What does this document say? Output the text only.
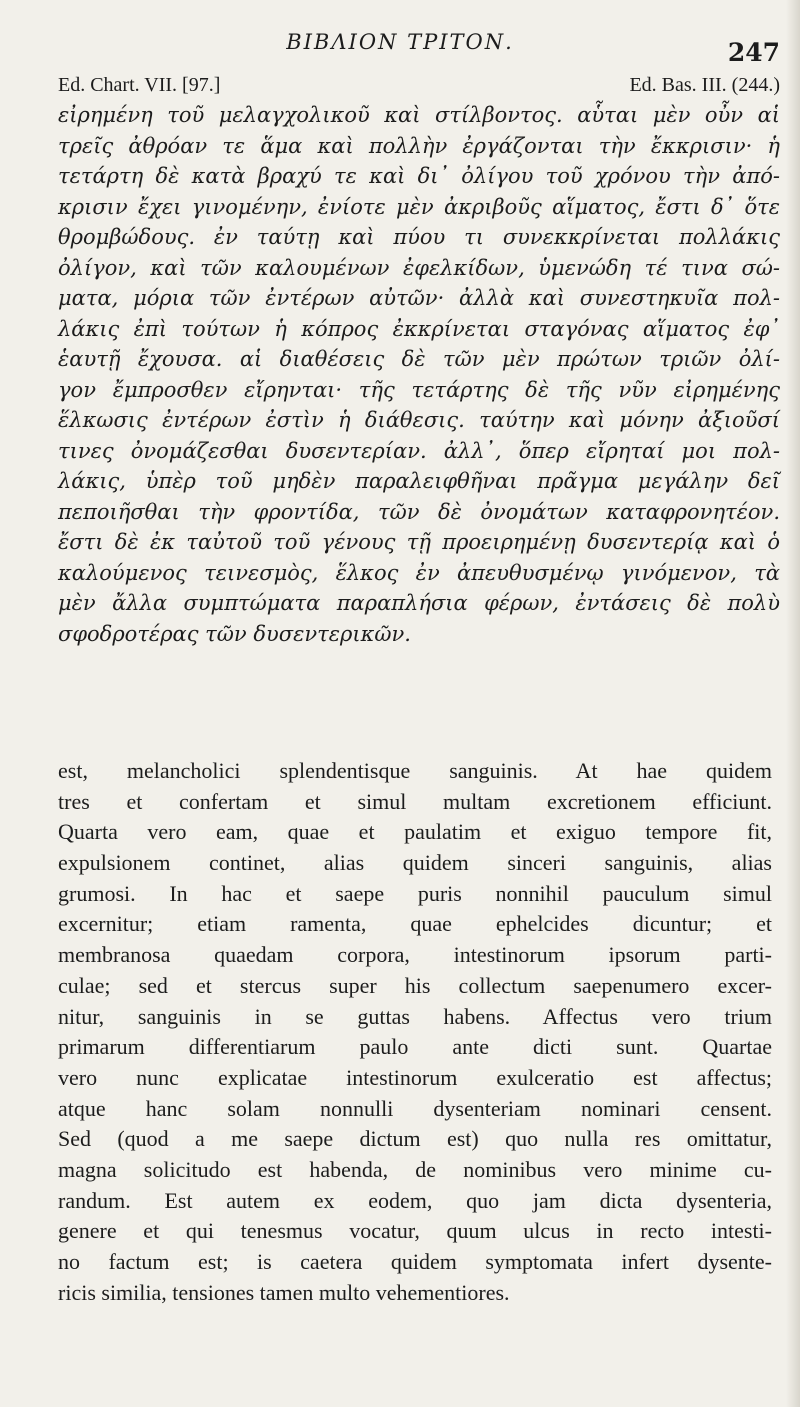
ΒΙΒΛΙΟΝ ΤΡΙΤΟΝ.	247
Ed. Chart. VII. [97.]	Ed. Bas. III. (244.)
εἰρημένη τοῦ μελαγχολικοῦ καὶ στίλβοντος. αὗται μὲν οὖν αἱ
τρεῖς ἀθρόαν τε ἅμα καὶ πολλὴν ἐργάζονται τὴν ἔκκρισιν· ἡ
τετάρτη δὲ κατὰ βραχύ τε καὶ δι᾽ ὀλίγου τοῦ χρόνου τὴν ἀπό-
κρισιν ἔχει γινομένην, ἐνίοτε μὲν ἀκριβοῦς αἵματος, ἔστι δ᾽ ὅτε
θρομβώδους. ἐν ταύτῃ καὶ πύου τι συνεκκρίνεται πολλάκις
ὀλίγον, καὶ τῶν καλουμένων ἐφελκίδων, ὑμενώδη τέ τινα σώ-
ματα, μόρια τῶν ἐντέρων αὐτῶν· ἀλλὰ καὶ συνεστηκυῖα πολ-
λάκις ἐπὶ τούτων ἡ κόπρος ἐκκρίνεται σταγόνας αἵματος ἐφ᾽
ἑαυτῇ ἔχουσα. αἱ διαθέσεις δὲ τῶν μὲν πρώτων τριῶν ὀλί-
γον ἔμπροσθεν εἴρηνται· τῆς τετάρτης δὲ τῆς νῦν εἰρημένης
ἕλκωσις ἐντέρων ἐστὶν ἡ διάθεσις. ταύτην καὶ μόνην ἀξιοῦσί
τινες ὀνομάζεσθαι δυσεντερίαν. ἀλλ᾽, ὅπερ εἴρηταί μοι πολ-
λάκις, ὑπὲρ τοῦ μηδὲν παραλειφθῆναι πρᾶγμα μεγάλην δεῖ
πεποιῆσθαι τὴν φροντίδα, τῶν δὲ ὀνομάτων καταφρονητέον.
ἔστι δὲ ἐκ ταὐτοῦ τοῦ γένους τῇ προειρημένῃ δυσεντερίᾳ καὶ ὁ
καλούμενος τεινεσμὸς, ἕλκος ἐν ἀπευθυσμένῳ γινόμενον, τὰ
μὲν ἄλλα συμπτώματα παραπλήσια φέρων, ἐντάσεις δὲ πολὺ
σφοδροτέρας τῶν δυσεντερικῶν.
est, melancholici splendentisque sanguinis. At hae quidem
tres et confertam et simul multam excretionem efficiunt.
Quarta vero eam, quae et paulatim et exiguo tempore fit,
expulsionem continet, alias quidem sinceri sanguinis, alias
grumosi. In hac et saepe puris nonnihil pauculum simul
excernitur; etiam ramenta, quae ephelcides dicuntur; et
membranosa quaedam corpora, intestinorum ipsorum parti-
culae; sed et stercus super his collectum saepenumero excer-
nitur, sanguinis in se guttas habens. Affectus vero trium
primarum differentiarum paulo ante dicti sunt. Quartae
vero nunc explicatae intestinorum exulceratio est affectus;
atque hanc solam nonnulli dysenteriam nominari censent.
Sed (quod a me saepe dictum est) quo nulla res omittatur,
magna solicitudo est habenda, de nominibus vero minime cu-
randum. Est autem ex eodem, quo jam dicta dysenteria,
genere et qui tenesmus vocatur, quum ulcus in recto intesti-
no factum est; is caetera quidem symptomata infert dysente-
ricis similia, tensiones tamen multo vehementiores.
